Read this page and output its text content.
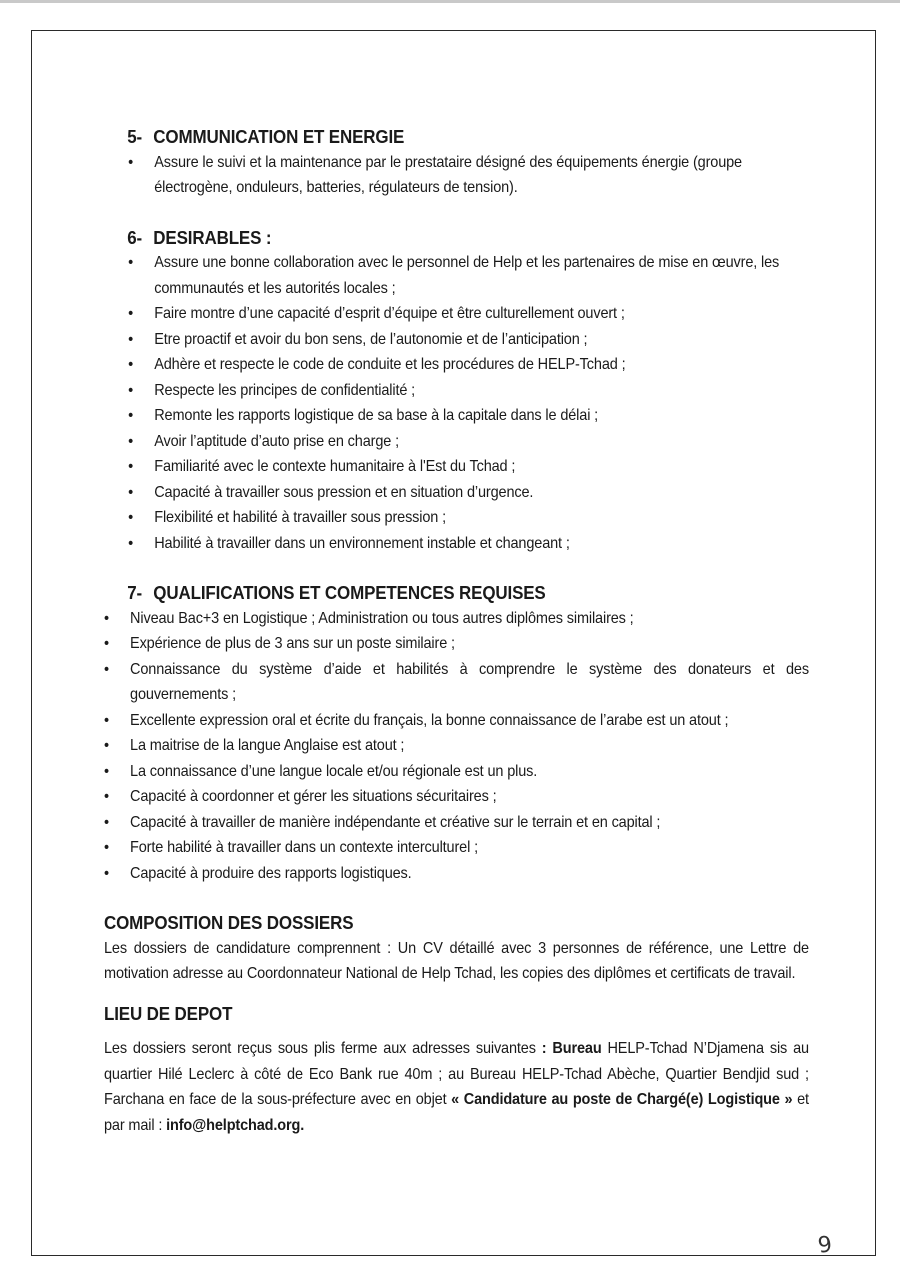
5- COMMUNICATION ET ENERGIE
• Assure le suivi et la maintenance par le prestataire désigné des équipements énergie (groupe électrogène, onduleurs, batteries, régulateurs de tension).
6- DESIRABLES :
• Assure une bonne collaboration avec le personnel de Help et les partenaires de mise en œuvre, les communautés et les autorités locales ;
• Faire montre d’une capacité d’esprit d’équipe et être culturellement ouvert ;
• Etre proactif et avoir du bon sens, de l’autonomie et de l’anticipation ;
• Adhère et respecte le code de conduite et les procédures de HELP-Tchad ;
• Respecte les principes de confidentialité ;
• Remonte les rapports logistique de sa base à la capitale dans le délai ;
• Avoir l’aptitude d’auto prise en charge ;
• Familiarité avec le contexte humanitaire à l'Est du Tchad ;
• Capacité à travailler sous pression et en situation d’urgence.
• Flexibilité et habilité à travailler sous pression ;
• Habilité à travailler dans un environnement instable et changeant ;
7- QUALIFICATIONS ET COMPETENCES REQUISES
• Niveau Bac+3 en Logistique ; Administration ou tous autres diplômes similaires ;
• Expérience de plus de 3 ans sur un poste similaire ;
• Connaissance du système d’aide et habilités à comprendre le système des donateurs et des gouvernements ;
• Excellente expression oral et écrite du français, la bonne connaissance de l’arabe est un atout ;
• La maitrise de la langue Anglaise est atout ;
• La connaissance d’une langue locale et/ou régionale est un plus.
• Capacité à coordonner et gérer les situations sécuritaires ;
• Capacité à travailler de manière indépendante et créative sur le terrain et en capital ;
• Forte habilité à travailler dans un contexte interculturel ;
• Capacité à produire des rapports logistiques.
COMPOSITION DES DOSSIERS

Les dossiers de candidature comprennent : Un CV détaillé avec 3 personnes de référence, une Lettre de motivation adresse au Coordonnateur National de Help Tchad, les copies des diplômes et certificats de travail.

LIEU DE DEPOT

Les dossiers seront reçus sous plis ferme aux adresses suivantes : Bureau HELP-Tchad N’Djamena sis au quartier Hilé Leclerc à côté de Eco Bank rue 40m ; au Bureau HELP-Tchad Abèche, Quartier Bendjid sud ; Farchana en face de la sous-préfecture avec en objet « Candidature au poste de Chargé(e) Logistique » et par mail : info@helptchad.org.

9
